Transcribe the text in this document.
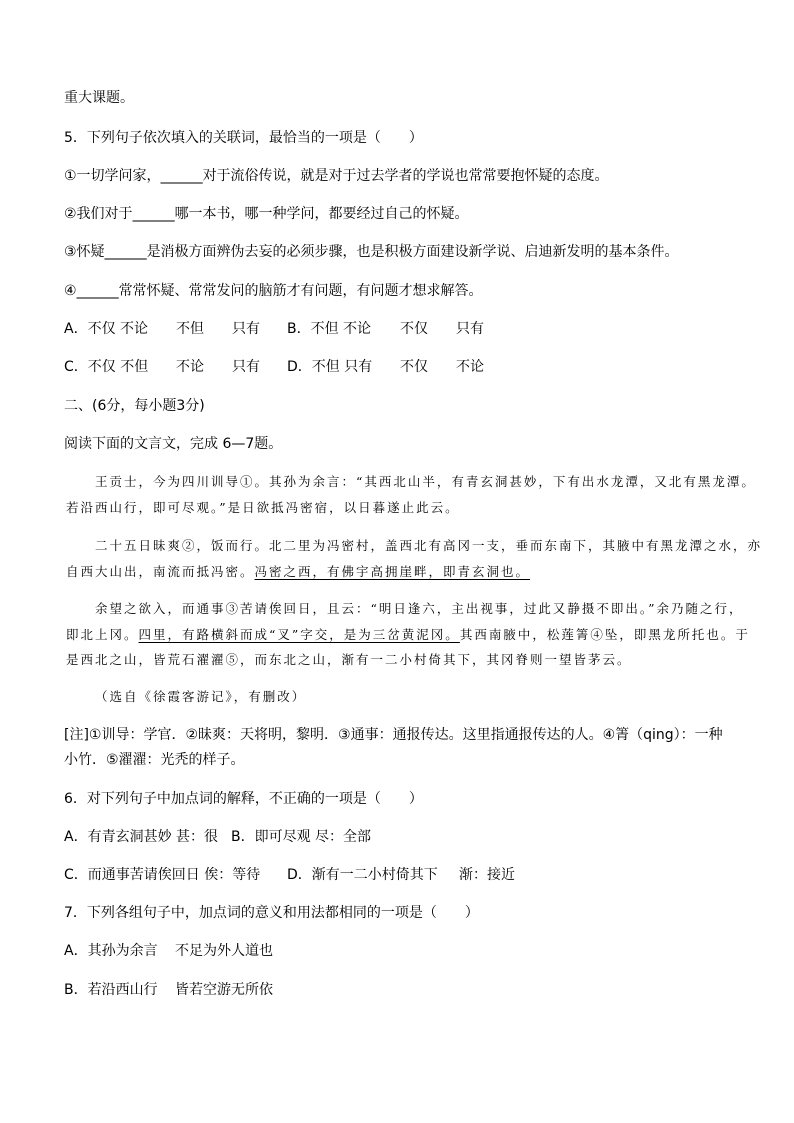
重大课题。
5．下列句子依次填入的关联词，最恰当的一项是（　　）
①一切学问家，______对于流俗传说，就是对于过去学者的学说也常常要抱怀疑的态度。
②我们对于______哪一本书，哪一种学问，都要经过自己的怀疑。
③怀疑______是消极方面辨伪去妄的必须步骤，也是积极方面建设新学说、启迪新发明的基本条件。
④______常常怀疑、常常发问的脑筋才有问题，有问题才想求解答。
A．不仅 不论 不但 只有 B．不但 不论 不仅 只有
C．不仅 不但 不论 只有 D．不但 只有 不仅 不论
二、(6分，每小题3分)
阅读下面的文言文，完成 6—7题。
王贡士，今为四川训导①。其孙为余言：“其西北山半，有青玄洞甚妙，下有出水龙潭，又北有黑龙潭。
若沿西山行，即可尽观。”是日欲抵冯密宿，以日暮遂止此云。
二十五日昧爽②，饭而行。北二里为冯密村，盖西北有高冈一支，垂而东南下，其腋中有黑龙潭之水，亦
自西大山出，南流而抵冯密。冯密之西，有佛宇高拥崖畔，即青玄洞也。
余望之欲入，而通事③苦请俟回日，且云：“明日逢六，主出视事，过此又静摄不即出。”余乃随之行，
即北上冈。四里，有路横斜而成“叉”字交，是为三岔黄泥冈。其西南腋中，松莲箐④坠，即黑龙所托也。于
是西北之山，皆荒石濯濯⑤，而东北之山，渐有一二小村倚其下，其冈脊则一望皆茅云。
（选自《徐霞客游记》，有删改）
[注]①训导：学官．②昧爽：天将明，黎明．③通事：通报传达。这里指通报传达的人。④箐（qing）：一种
小竹．⑤濯濯：光秃的样子。
6．对下列句子中加点词的解释，不正确的一项是（　　）
A．有青玄洞甚妙 甚：很 B．即可尽观 尽：全部
C．而通事苦请俟回日 俟：等待 D．渐有一二小村倚其下 渐：接近
7．下列各组句子中，加点词的意义和用法都相同的一项是（　　）
A．其孙为余言 不足为外人道也
B．若沿西山行 皆若空游无所依
